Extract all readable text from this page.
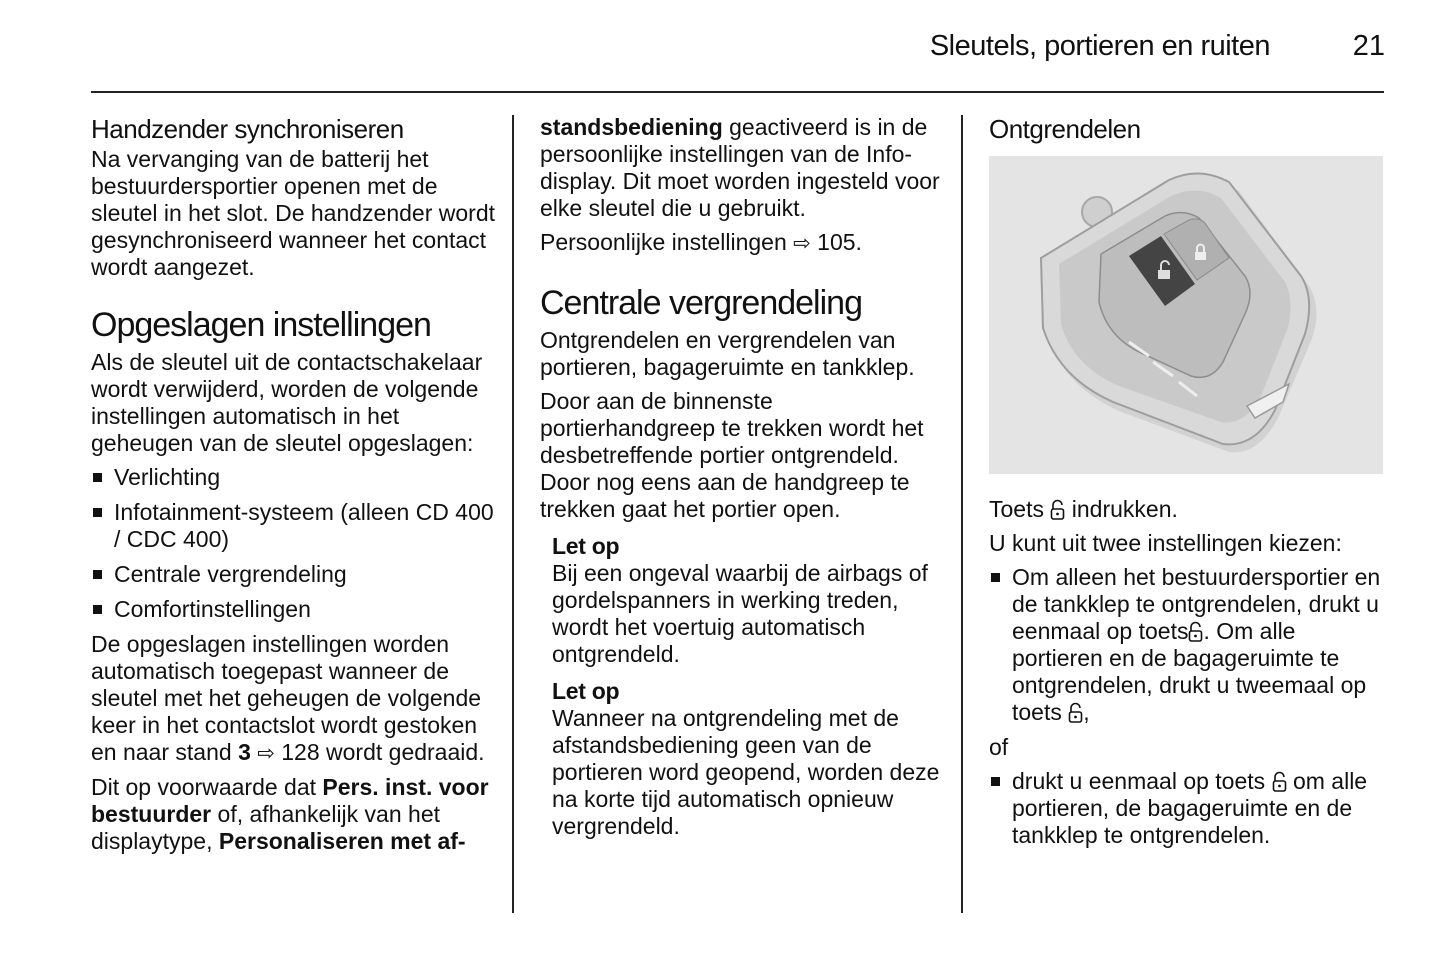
Sleutels, portieren en ruiten	21
Handzender synchroniseren

Na vervanging van de batterij het bestuurdersportier openen met de sleutel in het slot. De handzender wordt gesynchroniseerd wanneer het contact wordt aangezet.

Opgeslagen instellingen

Als de sleutel uit de contactschakelaar wordt verwijderd, worden de volgende instellingen automatisch in het geheugen van de sleutel opgeslagen:

Verlichting
Infotainment-systeem (alleen CD 400 / CDC 400)
Centrale vergrendeling
Comfortinstellingen

De opgeslagen instellingen worden automatisch toegepast wanneer de sleutel met het geheugen de volgende keer in het contactslot wordt gestoken en naar stand 3 ⇨ 128 wordt gedraaid.

Dit op voorwaarde dat Pers. inst. voor bestuurder of, afhankelijk van het displaytype, Personaliseren met af-

standsbediening geactiveerd is in de persoonlijke instellingen van de Info-display. Dit moet worden ingesteld voor elke sleutel die u gebruikt.

Persoonlijke instellingen ⇨ 105.

Centrale vergrendeling

Ontgrendelen en vergrendelen van portieren, bagageruimte en tankklep.

Door aan de binnenste portierhandgreep te trekken wordt het desbetreffende portier ontgrendeld. Door nog eens aan de handgreep te trekken gaat het portier open.

Let op
Bij een ongeval waarbij de airbags of gordelspanners in werking treden, wordt het voertuig automatisch ontgrendeld.
Let op
Wanneer na ontgrendeling met de afstandsbediening geen van de portieren word geopend, worden deze na korte tijd automatisch opnieuw vergrendeld.
Ontgrendelen

Toets indrukken.

U kunt uit twee instellingen kiezen:

Om alleen het bestuurdersportier en de tankklep te ontgrendelen, drukt u eenmaal op toets . Om alle portieren en de bagageruimte te ontgrendelen, drukt u tweemaal op toets ,

of

drukt u eenmaal op toets om alle portieren, de bagageruimte en de tankklep te ontgrendelen.
